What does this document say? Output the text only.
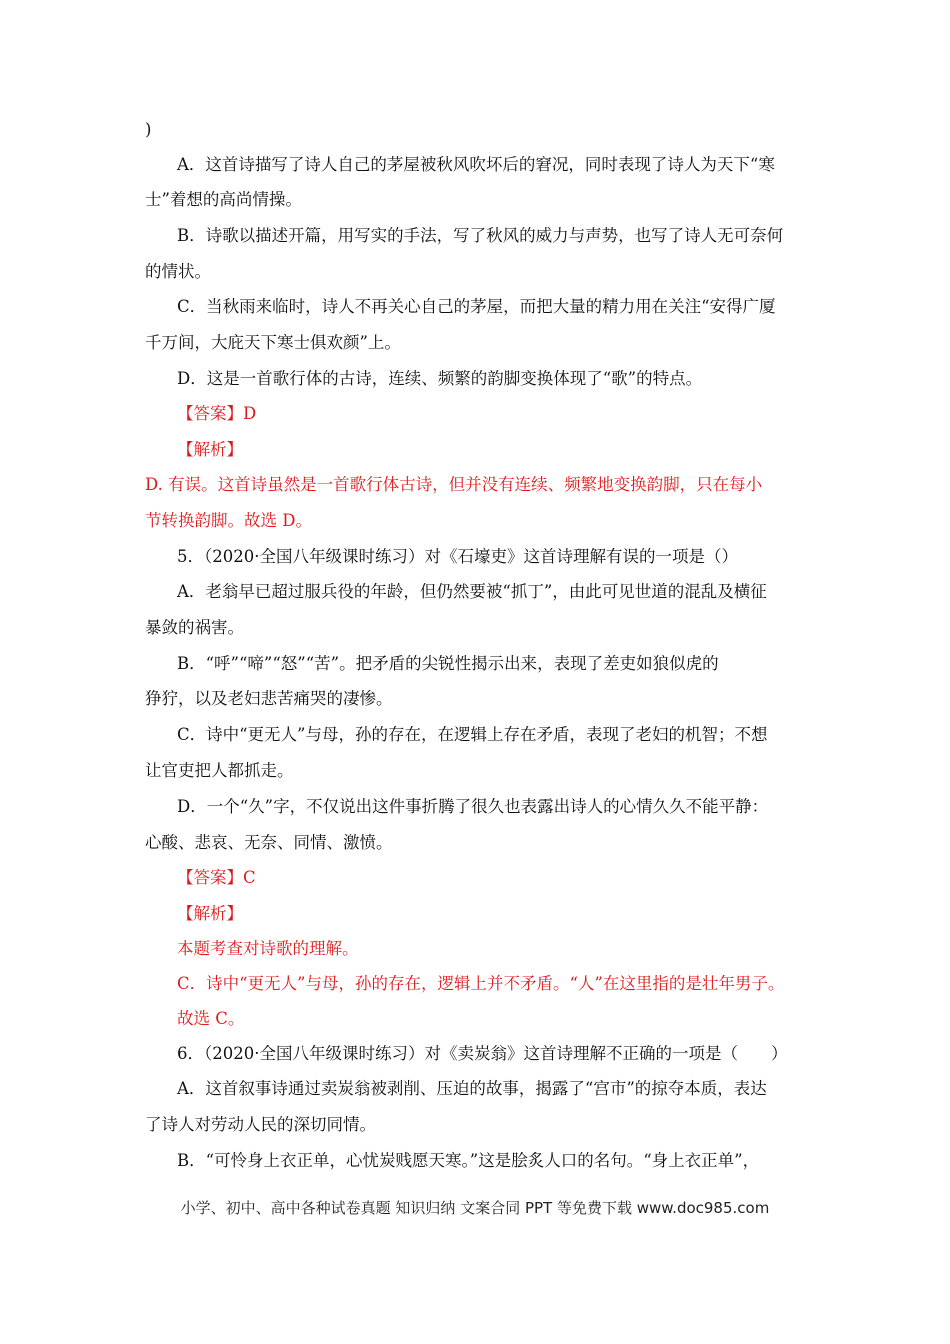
)
A．这首诗描写了诗人自己的茅屋被秋风吹坏后的窘况，同时表现了诗人为天下“寒
士”着想的高尚情操。
B．诗歌以描述开篇，用写实的手法，写了秋风的威力与声势，也写了诗人无可奈何
的情状。
C．当秋雨来临时，诗人不再关心自己的茅屋，而把大量的精力用在关注“安得广厦
千万间，大庇天下寒士俱欢颜”上。
D．这是一首歌行体的古诗，连续、频繁的韵脚变换体现了“歌”的特点。
【答案】D
【解析】
D. 有误。这首诗虽然是一首歌行体古诗，但并没有连续、频繁地变换韵脚，只在每小
节转换韵脚。故选 D。
5．（2020·全国八年级课时练习）对《石壕吏》这首诗理解有误的一项是（）
A．老翁早已超过服兵役的年龄，但仍然要被“抓丁”，由此可见世道的混乱及横征
暴敛的祸害。
B．“呼”“啼”“怒”“苦”。把矛盾的尖锐性揭示出来，表现了差吏如狼似虎的
狰狞，以及老妇悲苦痛哭的凄惨。
C．诗中“更无人”与母，孙的存在，在逻辑上存在矛盾，表现了老妇的机智；不想
让官吏把人都抓走。
D．一个“久”字，不仅说出这件事折腾了很久也表露出诗人的心情久久不能平静：
心酸、悲哀、无奈、同情、激愤。
【答案】C
【解析】
本题考查对诗歌的理解。
C．诗中“更无人”与母，孙的存在，逻辑上并不矛盾。“人”在这里指的是壮年男子。
故选 C。
6．（2020·全国八年级课时练习）对《卖炭翁》这首诗理解不正确的一项是（　　）
A．这首叙事诗通过卖炭翁被剥削、压迫的故事，揭露了“宫市”的掠夺本质，表达
了诗人对劳动人民的深切同情。
B．“可怜身上衣正单，心忧炭贱愿天寒。”这是脍炙人口的名句。“身上衣正单”，
小学、初中、高中各种试卷真题 知识归纳 文案合同 PPT 等免费下载 www.doc985.com
